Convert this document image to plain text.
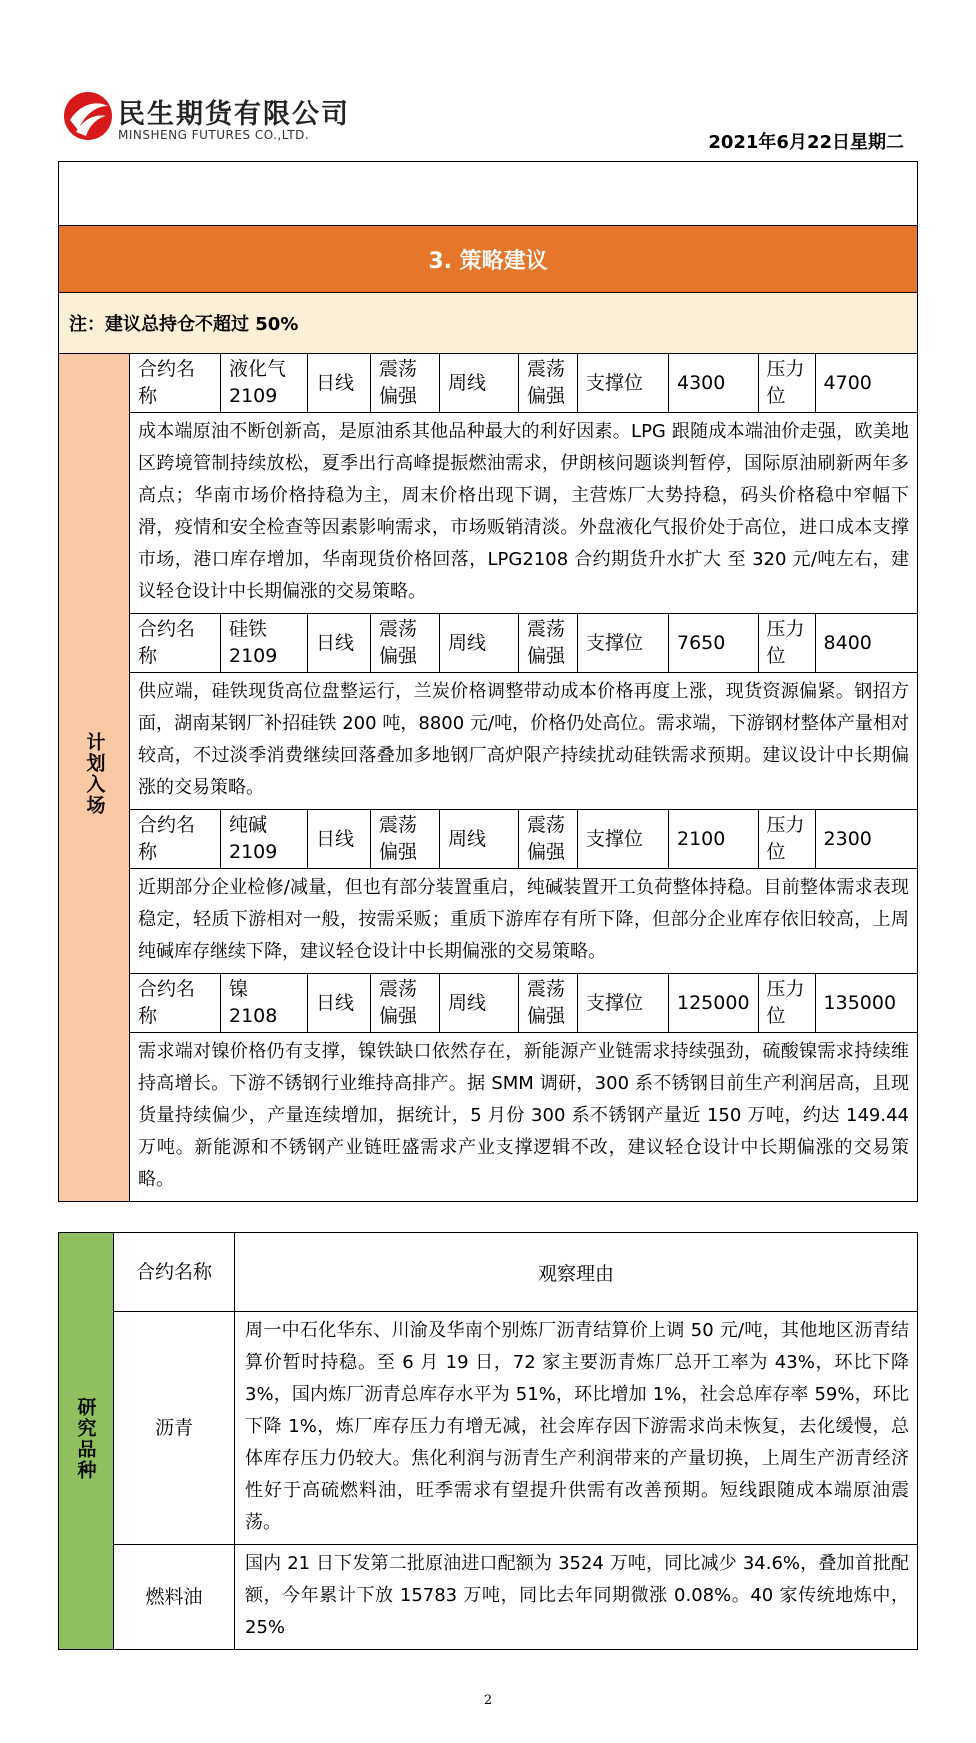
民生期货有限公司
MINSHENG FUTURES CO.,LTD.	2021年6月22日星期二

3. 策略建议										
注：建议总持仓不超过 50%										
计划入场	合约名称	液化气 2109	日线	震荡偏强	周线	震荡偏强	支撑位	4300	压力位	4700
	成本端原油不断创新高，是原油系其他品种最大的利好因素。LPG 跟随成本端油价走强，欧美地区跨境管制持续放松，夏季出行高峰提振燃油需求，伊朗核问题谈判暂停，国际原油刷新两年多高点；华南市场价格持稳为主，周末价格出现下调，主营炼厂大势持稳，码头价格稳中窄幅下滑，疫情和安全检查等因素影响需求，市场贩销清淡。外盘液化气报价处于高位，进口成本支撑市场，港口库存增加，华南现货价格回落，LPG2108 合约期货升水扩大 至 320 元/吨左右，建议轻仓设计中长期偏涨的交易策略。									
	合约名称	硅铁 2109	日线	震荡偏强	周线	震荡偏强	支撑位	7650	压力位	8400
	供应端，硅铁现货高位盘整运行，兰炭价格调整带动成本价格再度上涨，现货资源偏紧。钢招方面，湖南某钢厂补招硅铁 200 吨，8800 元/吨，价格仍处高位。需求端，下游钢材整体产量相对较高，不过淡季消费继续回落叠加多地钢厂高炉限产持续扰动硅铁需求预期。建议设计中长期偏涨的交易策略。									
	合约名称	纯碱 2109	日线	震荡偏强	周线	震荡偏强	支撑位	2100	压力位	2300
	近期部分企业检修/减量，但也有部分装置重启，纯碱装置开工负荷整体持稳。目前整体需求表现稳定，轻质下游相对一般，按需采贩；重质下游库存有所下降，但部分企业库存依旧较高，上周纯碱库存继续下降，建议轻仓设计中长期偏涨的交易策略。									
	合约名称	镍 2108	日线	震荡偏强	周线	震荡偏强	支撑位	125000	压力位	135000
	需求端对镍价格仍有支撑，镍铁缺口依然存在，新能源产业链需求持续强劲，硫酸镍需求持续维持高增长。下游不锈钢行业维持高排产。据 SMM 调研，300 系不锈钢目前生产利润居高，且现货量持续偏少，产量连续增加，据统计，5 月份 300 系不锈钢产量近 150 万吨，约达 149.44 万吨。新能源和不锈钢产业链旺盛需求产业支撑逻辑不改，建议轻仓设计中长期偏涨的交易策略。									
研究品种	合约名称	观察理由
	沥青	周一中石化华东、川渝及华南个别炼厂沥青结算价上调 50 元/吨，其他地区沥青结算价暂时持稳。至 6 月 19 日，72 家主要沥青炼厂总开工率为 43%，环比下降 3%，国内炼厂沥青总库存水平为 51%，环比增加 1%，社会总库存率 59%，环比下降 1%，炼厂库存压力有增无减，社会库存因下游需求尚未恢复，去化缓慢，总体库存压力仍较大。焦化利润与沥青生产利润带来的产量切换，上周生产沥青经济性好于高硫燃料油，旺季需求有望提升供需有改善预期。短线跟随成本端原油震荡。
	燃料油	国内 21 日下发第二批原油进口配额为 3524 万吨，同比减少 34.6%，叠加首批配额，今年累计下放 15783 万吨，同比去年同期微涨 0.08%。40 家传统地炼中，25%
2
